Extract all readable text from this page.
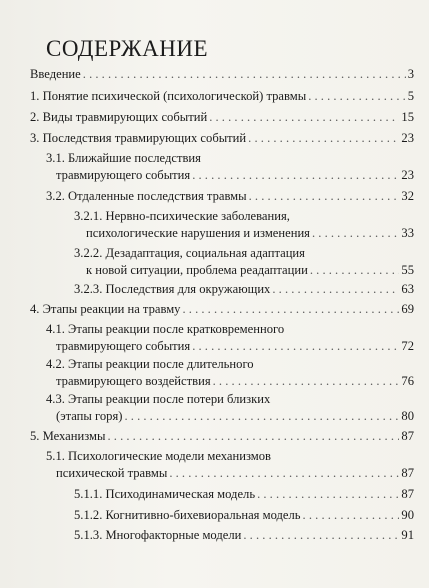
СОДЕРЖАНИЕ
Введение . . .	3
1. Понятие психической (психологической) травмы . . .	5
2. Виды травмирующих событий . . .	15
3. Последствия травмирующих событий . . .	23
3.1. Ближайшие последствия
травмирующего события . . .	23
3.2. Отдаленные последствия травмы . . .	32
3.2.1. Нервно-психические заболевания,
психологические нарушения и изменения . . .	33
3.2.2. Дезадаптация, социальная адаптация
к новой ситуации, проблема реадаптации . . .	55
3.2.3. Последствия для окружающих . . .	63
4. Этапы реакции на травму . . .	69
4.1. Этапы реакции после кратковременного
травмирующего события . . .	72
4.2. Этапы реакции после длительного
травмирующего воздействия . . .	76
4.3. Этапы реакции после потери близких
(этапы горя) . . .	80
5. Механизмы . . .	87
5.1. Психологические модели механизмов
психической травмы . . .	87
5.1.1. Психодинамическая модель . . .	87
5.1.2. Когнитивно-бихевиоральная модель . . .	90
5.1.3. Многофакторные модели . . .	91
